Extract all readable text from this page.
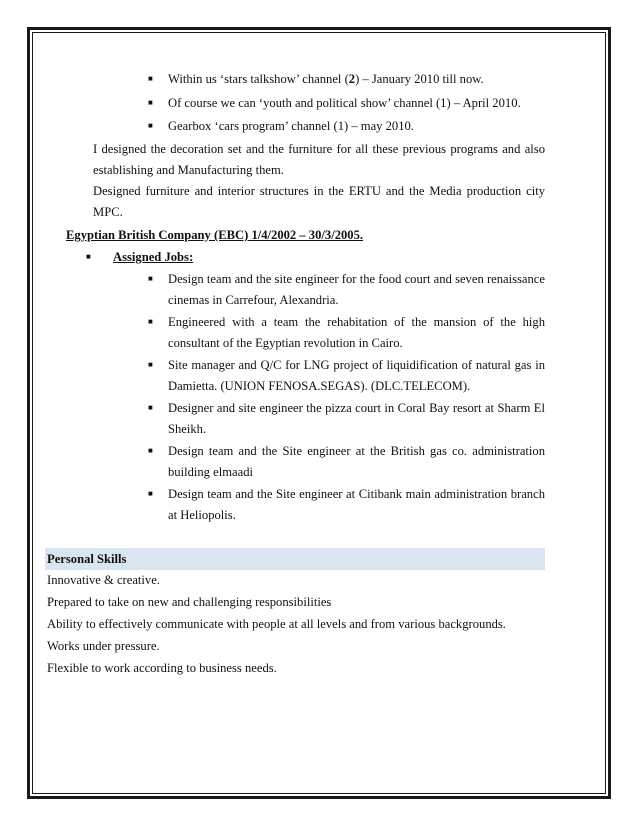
■ Within us ‘stars talkshow’ channel (2) – January 2010 till now.
■ Of course we can ‘youth and political show’ channel (1) – April 2010.
■ Gearbox ‘cars program’ channel (1) – may 2010.
I designed the decoration set and the furniture for all these previous programs and also
establishing and Manufacturing them.
Designed furniture and interior structures in the ERTU and the Media production city
MPC.
Egyptian British Company (EBC) 1/4/2002 – 30/3/2005.
■ Assigned Jobs:
■ Design team and the site engineer for the food court and seven renaissance
cinemas in Carrefour, Alexandria.
■ Engineered with a team the rehabitation of the mansion of the high
consultant of the Egyptian revolution in Cairo.
■ Site manager and Q/C for LNG project of liquidification of natural gas in
Damietta. (UNION FENOSA.SEGAS). (DLC.TELECOM).
■ Designer and site engineer the pizza court in Coral Bay resort at Sharm El
Sheikh.
■ Design team and the Site engineer at the British gas co. administration
building elmaadi
■ Design team and the Site engineer at Citibank main administration branch
at Heliopolis.
Personal Skills
Innovative & creative.
Prepared to take on new and challenging responsibilities
Ability to effectively communicate with people at all levels and from various backgrounds.
Works under pressure.
Flexible to work according to business needs.
